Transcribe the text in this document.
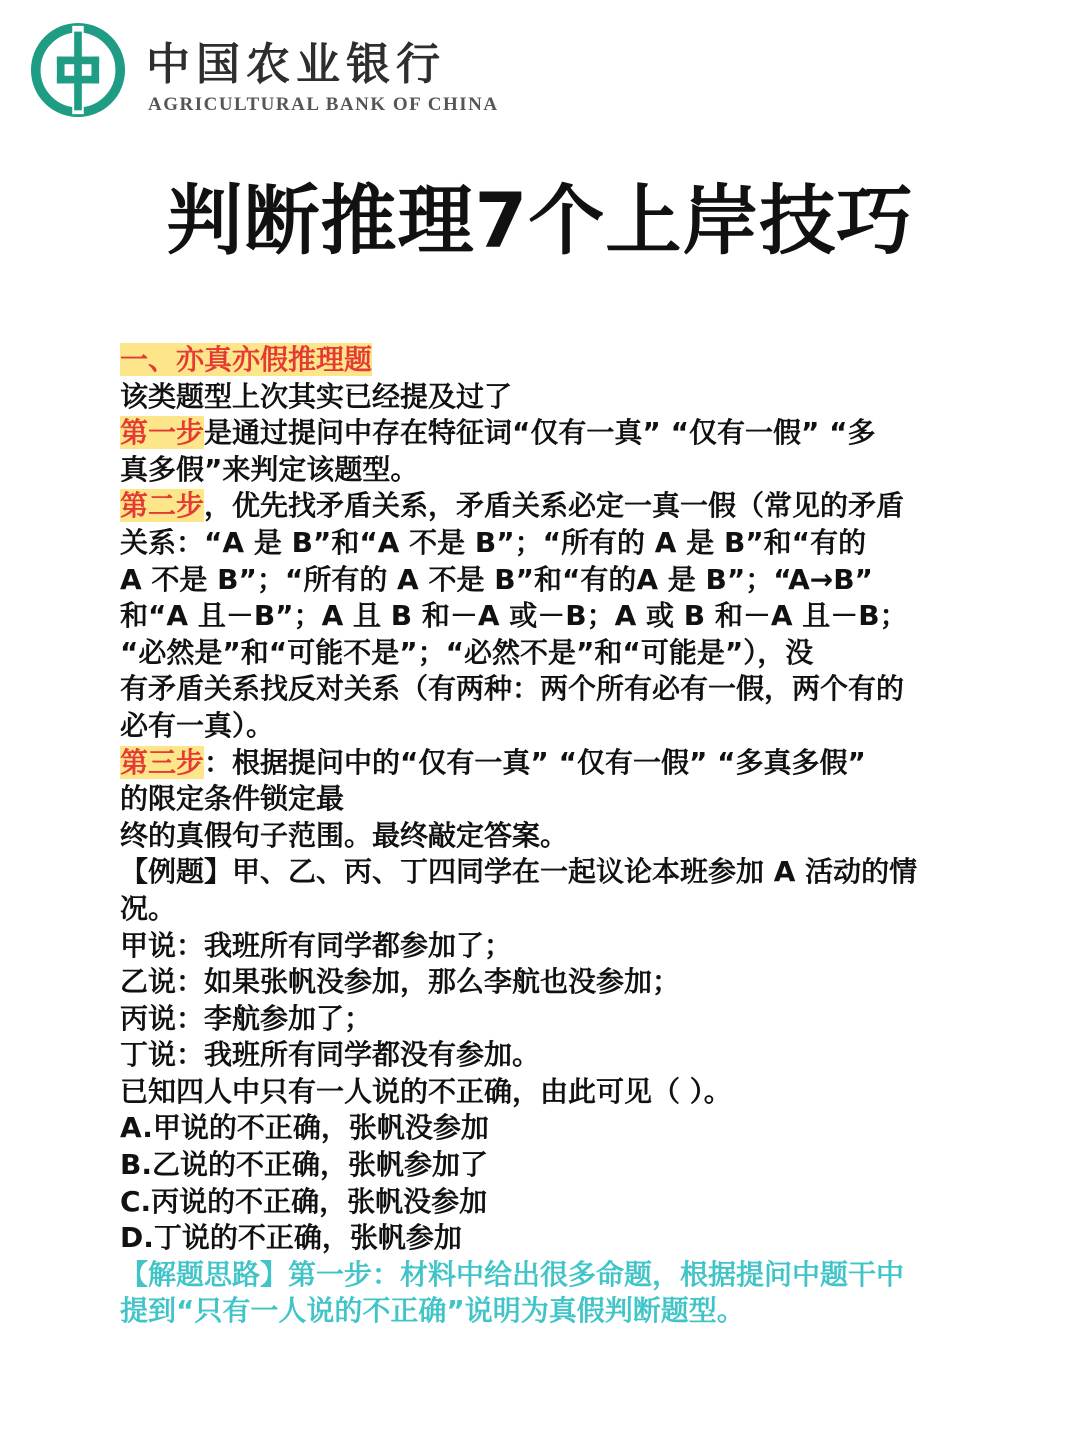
中国农业银行
AGRICULTURAL BANK OF CHINA
判断推理7个上岸技巧
一、亦真亦假推理题
该类题型上次其实已经提及过了
第一步是通过提问中存在特征词“仅有一真” “仅有一假” “多
真多假”来判定该题型。
第二步，优先找矛盾关系，矛盾关系必定一真一假（常见的矛盾
关系：“A 是 B”和“A 不是 B”；“所有的 A 是 B”和“有的
A 不是 B”；“所有的 A 不是 B”和“有的A 是 B”；“A→B”
和“A 且－B”；A 且 B 和－A 或－B；A 或 B 和－A 且－B；
“必然是”和“可能不是”；“必然不是”和“可能是”），没
有矛盾关系找反对关系（有两种：两个所有必有一假，两个有的
必有一真）。
第三步：根据提问中的“仅有一真” “仅有一假” “多真多假”
的限定条件锁定最
终的真假句子范围。最终敲定答案。
【例题】甲、乙、丙、丁四同学在一起议论本班参加 A 活动的情
况。
甲说：我班所有同学都参加了；
乙说：如果张帆没参加，那么李航也没参加；
丙说：李航参加了；
丁说：我班所有同学都没有参加。
已知四人中只有一人说的不正确，由此可见（ ）。
A.甲说的不正确，张帆没参加
B.乙说的不正确，张帆参加了
C.丙说的不正确，张帆没参加
D.丁说的不正确，张帆参加
【解题思路】第一步：材料中给出很多命题，根据提问中题干中
提到“只有一人说的不正确”说明为真假判断题型。
